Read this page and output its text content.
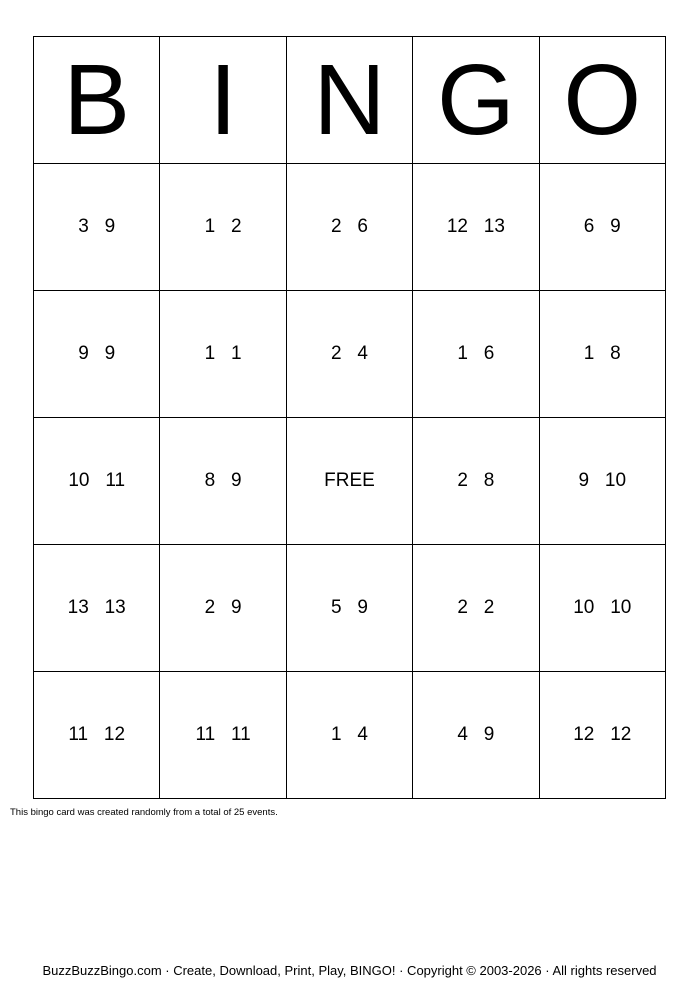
B	I	N	G	O
3   9	1   2	2   6	12   13	6   9
9   9	1   1	2   4	1   6	1   8
10   11	8   9	FREE	2   8	9   10
13   13	2   9	5   9	2   2	10   10
11   12	11   11	1   4	4   9	12   12
This bingo card was created randomly from a total of 25 events.
BuzzBuzzBingo.com · Create, Download, Print, Play, BINGO! · Copyright © 2003-2026 · All rights reserved
